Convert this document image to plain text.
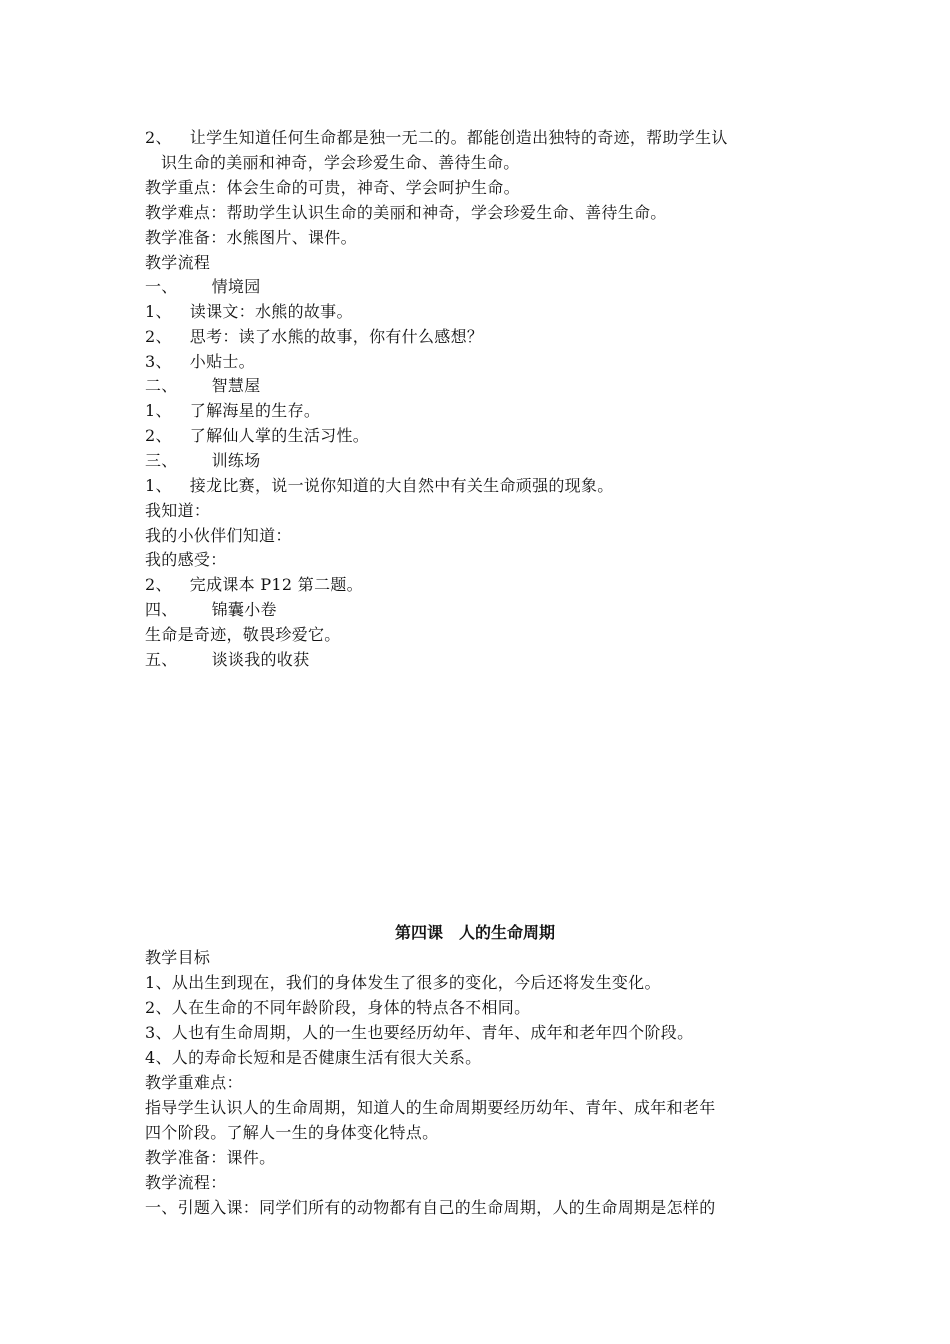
2、 让学生知道任何生命都是独一无二的。都能创造出独特的奇迹，帮助学生认
识生命的美丽和神奇，学会珍爱生命、善待生命。
教学重点：体会生命的可贵，神奇、学会呵护生命。
教学难点：帮助学生认识生命的美丽和神奇，学会珍爱生命、善待生命。
教学准备：水熊图片、课件。
教学流程
一、 情境园
1、 读课文：水熊的故事。
2、 思考：读了水熊的故事，你有什么感想？
3、 小贴士。
二、 智慧屋
1、 了解海星的生存。
2、 了解仙人掌的生活习性。
三、 训练场
1、 接龙比赛，说一说你知道的大自然中有关生命顽强的现象。
我知道：
我的小伙伴们知道：
我的感受：
2、 完成课本 P12 第二题。
四、 锦囊小卷
生命是奇迹，敬畏珍爱它。
五、 谈谈我的收获
第四课　人的生命周期
教学目标
1、从出生到现在，我们的身体发生了很多的变化，今后还将发生变化。
2、人在生命的不同年龄阶段，身体的特点各不相同。
3、人也有生命周期，人的一生也要经历幼年、青年、成年和老年四个阶段。
4、人的寿命长短和是否健康生活有很大关系。
教学重难点：
指导学生认识人的生命周期，知道人的生命周期要经历幼年、青年、成年和老年
四个阶段。了解人一生的身体变化特点。
教学准备：课件。
教学流程：
一、引题入课：同学们所有的动物都有自己的生命周期，人的生命周期是怎样的
